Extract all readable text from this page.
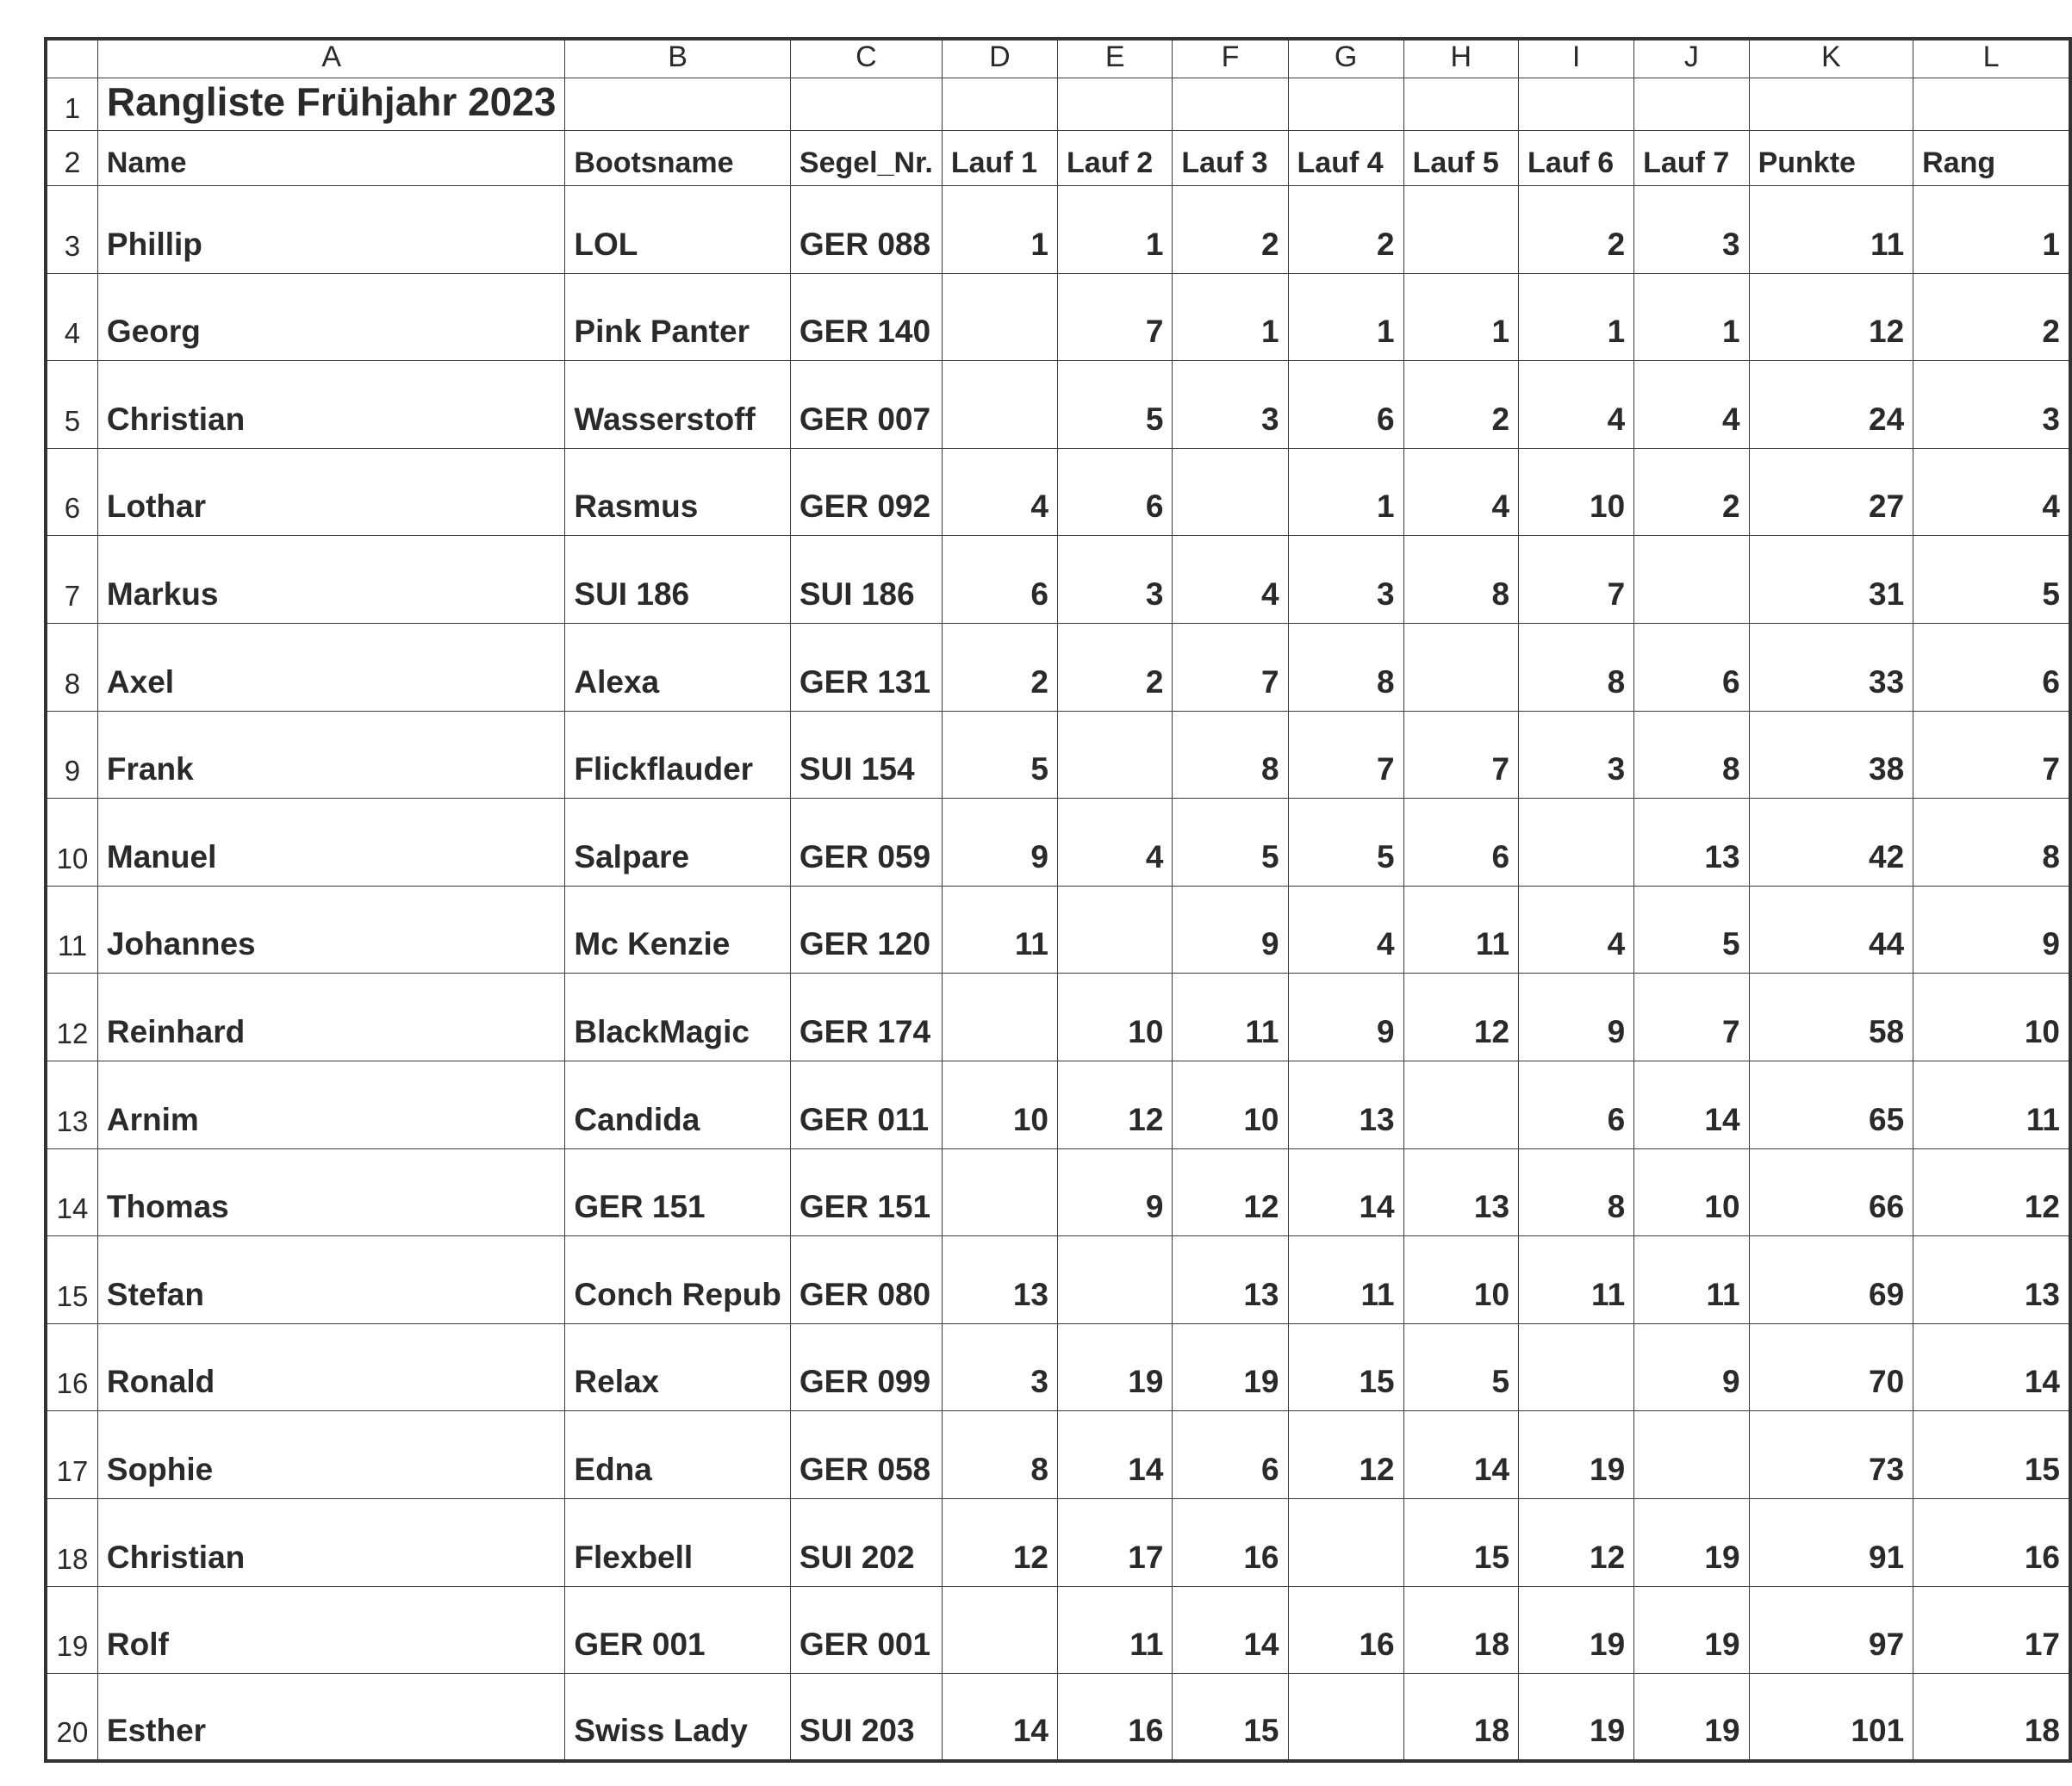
	A	B	C	D	E	F	G	H	I	J	K	L
1	Rangliste Frühjahr 2023											
2	Name	Bootsname	Segel_Nr.	Lauf 1	Lauf 2	Lauf 3	Lauf 4	Lauf 5	Lauf 6	Lauf 7	Punkte	Rang
3	Phillip	LOL	GER 088	1	1	2	2		2	3	11	1
4	Georg	Pink Panter	GER 140		7	1	1	1	1	1	12	2
5	Christian	Wasserstoff	GER 007		5	3	6	2	4	4	24	3
6	Lothar	Rasmus	GER 092	4	6		1	4	10	2	27	4
7	Markus	SUI 186	SUI 186	6	3	4	3	8	7		31	5
8	Axel	Alexa	GER 131	2	2	7	8		8	6	33	6
9	Frank	Flickflauder	SUI 154	5		8	7	7	3	8	38	7
10	Manuel	Salpare	GER 059	9	4	5	5	6		13	42	8
11	Johannes	Mc Kenzie	GER 120	11		9	4	11	4	5	44	9
12	Reinhard	BlackMagic	GER 174		10	11	9	12	9	7	58	10
13	Arnim	Candida	GER 011	10	12	10	13		6	14	65	11
14	Thomas	GER 151	GER 151		9	12	14	13	8	10	66	12
15	Stefan	Conch Repub	GER 080	13		13	11	10	11	11	69	13
16	Ronald	Relax	GER 099	3	19	19	15	5		9	70	14
17	Sophie	Edna	GER 058	8	14	6	12	14	19		73	15
18	Christian	Flexbell	SUI 202	12	17	16		15	12	19	91	16
19	Rolf	GER 001	GER 001		11	14	16	18	19	19	97	17
20	Esther	Swiss Lady	SUI 203	14	16	15		18	19	19	101	18
